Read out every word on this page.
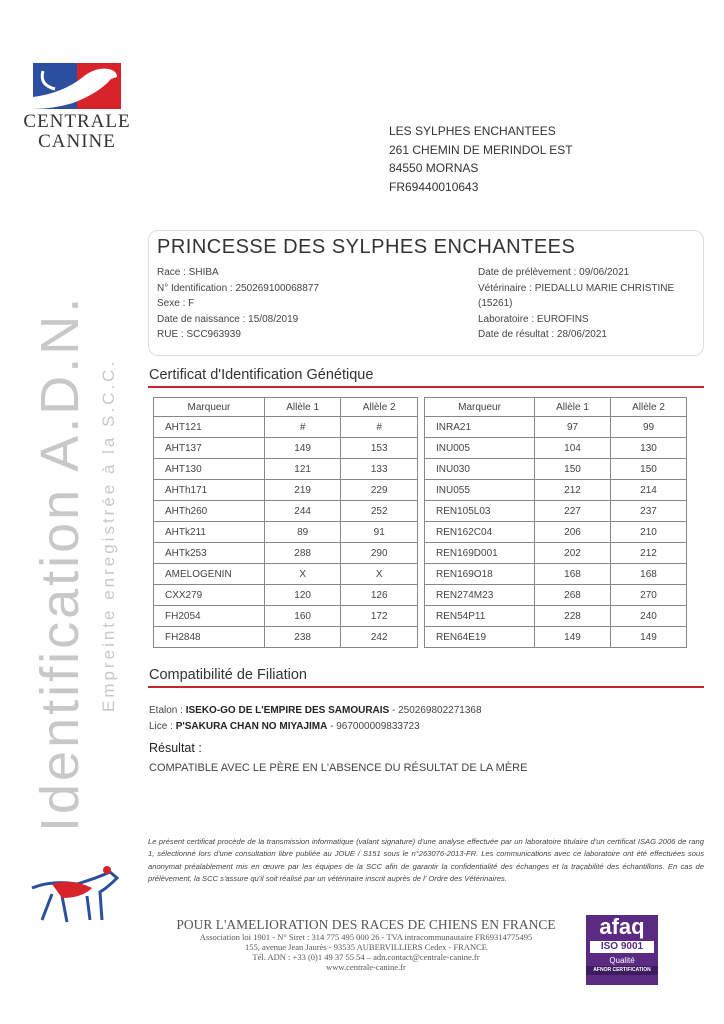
CENTRALE
CANINE
Identification A.D.N. Empreinte enregistrée à la S.C.C.
LES SYLPHES ENCHANTEES
261 CHEMIN DE MERINDOL EST
84550 MORNAS
FR69440010643
PRINCESSE DES SYLPHES ENCHANTEES
Race : SHIBA
N° Identification : 250269100068877
Sexe : F
Date de naissance : 15/08/2019
RUE : SCC963939
Date de prélèvement : 09/06/2021
Vétérinaire : PIEDALLU MARIE CHRISTINE
(15261)
Laboratoire : EUROFINS
Date de résultat : 28/06/2021
Certificat d'Identification Génétique
Marqueur	Allèle 1	Allèle 2
AHT121	#	#
AHT137	149	153
AHT130	121	133
AHTh171	219	229
AHTh260	244	252
AHTk211	89	91
AHTk253	288	290
AMELOGENIN	X	X
CXX279	120	126
FH2054	160	172
FH2848	238	242
Marqueur	Allèle 1	Allèle 2
INRA21	97	99
INU005	104	130
INU030	150	150
INU055	212	214
REN105L03	227	237
REN162C04	206	210
REN169D001	202	212
REN169O18	168	168
REN274M23	268	270
REN54P11	228	240
REN64E19	149	149
Compatibilité de Filiation
Etalon : ISEKO-GO DE L'EMPIRE DES SAMOURAIS - 250269802271368
Lice : P'SAKURA CHAN NO MIYAJIMA - 967000009833723
Résultat :
COMPATIBLE AVEC LE PÈRE EN L'ABSENCE DU RÉSULTAT DE LA MÈRE
Le présent certificat procède de la transmission informatique (valant signature) d'une analyse effectuée par un laboratoire titulaire d'un certificat ISAG 2006 de rang 1, sélectionné lors d'une consultation libre publiée au JOUE / S151 sous le n°263076-2013-FR. Les communications avec ce laboratoire ont été effectuées sous anonymat préalablement mis en œuvre par les équipes de la SCC afin de garantir la confidentialité des échanges et la traçabilité des échantillons. En cas de prélèvement, la SCC s'assure qu'il soit réalisé par un vétérinaire inscrit auprès de l' Ordre des Vétérinaires.
POUR L'AMELIORATION DES RACES DE CHIENS EN FRANCE
Association loi 1901 - N° Siret : 314 775 495 000 26 - TVA intracommunautaire FR69314775495
155, avenue Jean Jaurès - 93535 AUBERVILLIERS Cedex - FRANCE
Tél. ADN : +33 (0)1 49 37 55 54 – adn.contact@centrale-canine.fr
www.centrale-canine.fr
afaq
ISO 9001
Qualité
AFNOR CERTIFICATION
